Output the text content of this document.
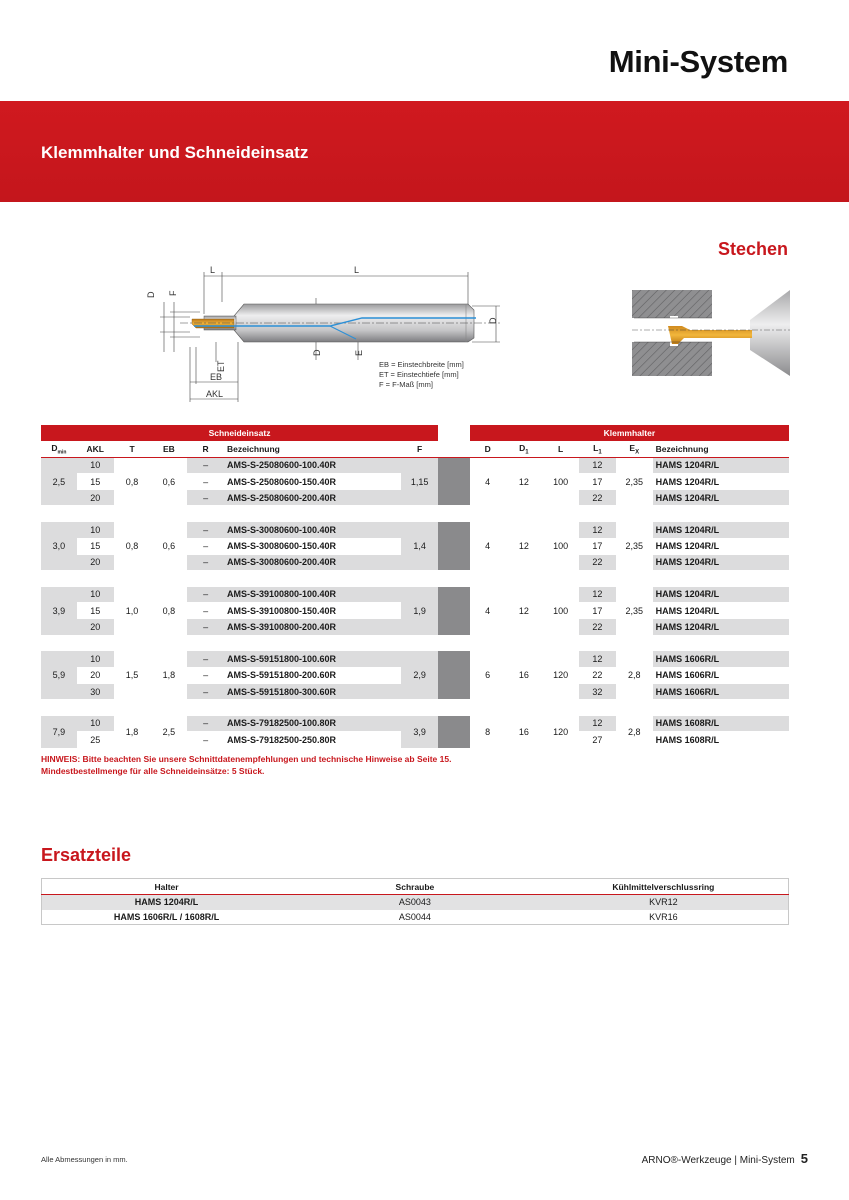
Mini-System
Klemmhalter und Schneideinsatz
Stechen
L	L
ET
EB
AKL
D
D	E
D F
EB = Einstechbreite [mm]
ET = Einstechtiefe [mm]
F = F-Maß [mm]
Schneideinsatz								Klemmhalter					
$D_{min}$	AKL	T	EB	R	Bezeichnung	F		D	$D_1$	L	$L_1$	$E_X$	Bezeichnung
2,5	10	0,8	0,6	–	AMS-S-25080600-100.40R	1,15		4	12	100	12	2,35	HAMS 1204R/L
	15			–	AMS-S-25080600-150.40R						17		HAMS 1204R/L
	20			–	AMS-S-25080600-200.40R						22		HAMS 1204R/L

3,0	10	0,8	0,6	–	AMS-S-30080600-100.40R	1,4		4	12	100	12	2,35	HAMS 1204R/L
	15			–	AMS-S-30080600-150.40R						17		HAMS 1204R/L
	20			–	AMS-S-30080600-200.40R						22		HAMS 1204R/L

3,9	10	1,0	0,8	–	AMS-S-39100800-100.40R	1,9		4	12	100	12	2,35	HAMS 1204R/L
	15			–	AMS-S-39100800-150.40R						17		HAMS 1204R/L
	20			–	AMS-S-39100800-200.40R						22		HAMS 1204R/L

5,9	10	1,5	1,8	–	AMS-S-59151800-100.60R	2,9		6	16	120	12	2,8	HAMS 1606R/L
	20			–	AMS-S-59151800-200.60R						22		HAMS 1606R/L
	30			–	AMS-S-59151800-300.60R						32		HAMS 1606R/L

7,9	10	1,8	2,5	–	AMS-S-79182500-100.80R	3,9		8	16	120	12	2,8	HAMS 1608R/L
	25			–	AMS-S-79182500-250.80R						27		HAMS 1608R/L
HINWEIS: Bitte beachten Sie unsere Schnittdatenempfehlungen und technische Hinweise ab Seite 15.
Mindestbestellmenge für alle Schneideinsätze: 5 Stück.
Ersatzteile
Halter	Schraube	Kühlmittelverschlussring
HAMS 1204R/L	AS0043	KVR12
HAMS 1606R/L / 1608R/L	AS0044	KVR16
Alle Abmessungen in mm.	ARNO®-Werkzeuge | Mini-System 5
